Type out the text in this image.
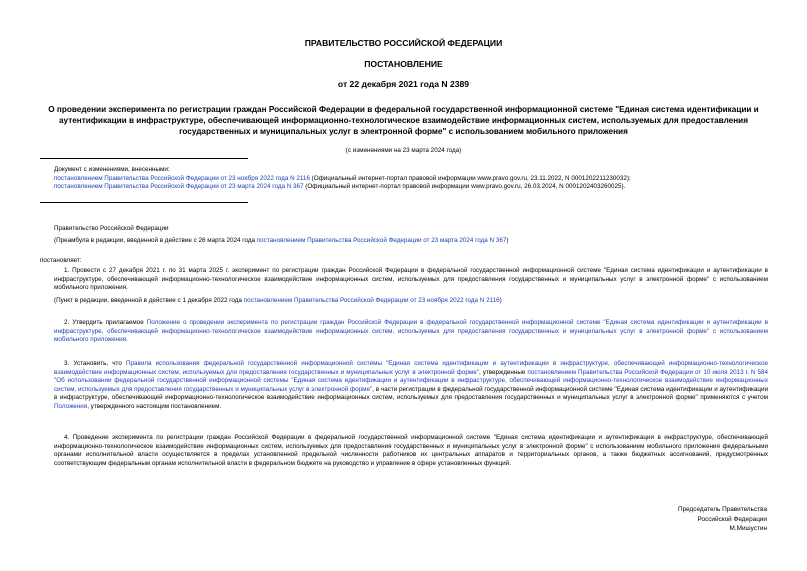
ПРАВИТЕЛЬСТВО РОССИЙСКОЙ ФЕДЕРАЦИИ
ПОСТАНОВЛЕНИЕ
от 22 декабря 2021 года N 2389
О проведении эксперимента по регистрации граждан Российской Федерации в федеральной государственной информационной системе "Единая система идентификации и аутентификации в инфраструктуре, обеспечивающей информационно-технологическое взаимодействие информационных систем, используемых для предоставления государственных и муниципальных услуг в электронной форме" с использованием мобильного приложения
(с изменениями на 23 марта 2024 года)
Документ с изменениями, внесенными:
постановлением Правительства Российской Федерации от 23 ноября 2022 года N 2116 (Официальный интернет-портал правовой информации www.pravo.gov.ru, 23.11.2022, N 0001202211230032);
постановлением Правительства Российской Федерации от 23 марта 2024 года N 367 (Официальный интернет-портал правовой информации www.pravo.gov.ru, 26.03.2024, N 0001202403260025).
Правительство Российской Федерации
(Преамбула в редакции, введенной в действие с 26 марта 2024 года постановлением Правительства Российской Федерации от 23 марта 2024 года N 367)
постановляет:
1. Провести с 27 декабря 2021 г. по 31 марта 2025 г. эксперимент по регистрации граждан Российской Федерации в федеральной государственной информационной системе "Единая система идентификации и аутентификации в инфраструктуре, обеспечивающей информационно-технологическое взаимодействие информационных систем, используемых для предоставления государственных и муниципальных услуг в электронной форме" с использованием мобильного приложения.
(Пункт в редакции, введенной в действие с 1 декабря 2022 года постановлением Правительства Российской Федерации от 23 ноября 2022 года N 2116)
2. Утвердить прилагаемое Положение о проведении эксперимента по регистрации граждан Российской Федерации в федеральной государственной информационной системе "Единая система идентификации и аутентификации в инфраструктуре, обеспечивающей информационно-технологическое взаимодействие информационных систем, используемых для предоставления государственных и муниципальных услуг в электронной форме" с использованием мобильного приложения.
3. Установить, что Правила использования федеральной государственной информационной системы "Единая система идентификации и аутентификации в инфраструктуре, обеспечивающей информационно-технологическое взаимодействие информационных систем, используемых для предоставления государственных и муниципальных услуг в электронной форме", утвержденные постановлением Правительства Российской Федерации от 10 июля 2013 г. N 584 "Об использовании федеральной государственной информационной системы "Единая система идентификации и аутентификации в инфраструктуре, обеспечивающей информационно-технологическое взаимодействие информационных систем, используемых для предоставления государственных и муниципальных услуг в электронной форме", в части регистрации в федеральной государственной информационной системе "Единая система идентификации и аутентификации в инфраструктуре, обеспечивающей информационно-технологическое взаимодействие информационных систем, используемых для предоставления государственных и муниципальных услуг в электронной форме" применяются с учетом Положения, утвержденного настоящим постановлением.
4. Проведение эксперимента по регистрации граждан Российской Федерации в федеральной государственной информационной системе "Единая система идентификации и аутентификации в инфраструктуре, обеспечивающей информационно-технологическое взаимодействие информационных систем, используемых для предоставления государственных и муниципальных услуг в электронной форме" с использованием мобильного приложения федеральными органами исполнительной власти осуществляется в пределах установленной предельной численности работников их центральных аппаратов и территориальных органов, а также бюджетных ассигнований, предусмотренных соответствующим федеральным органам исполнительной власти в федеральном бюджете на руководство и управление в сфере установленных функций.
Председатель Правительства
Российской Федерации
М.Мишустин
